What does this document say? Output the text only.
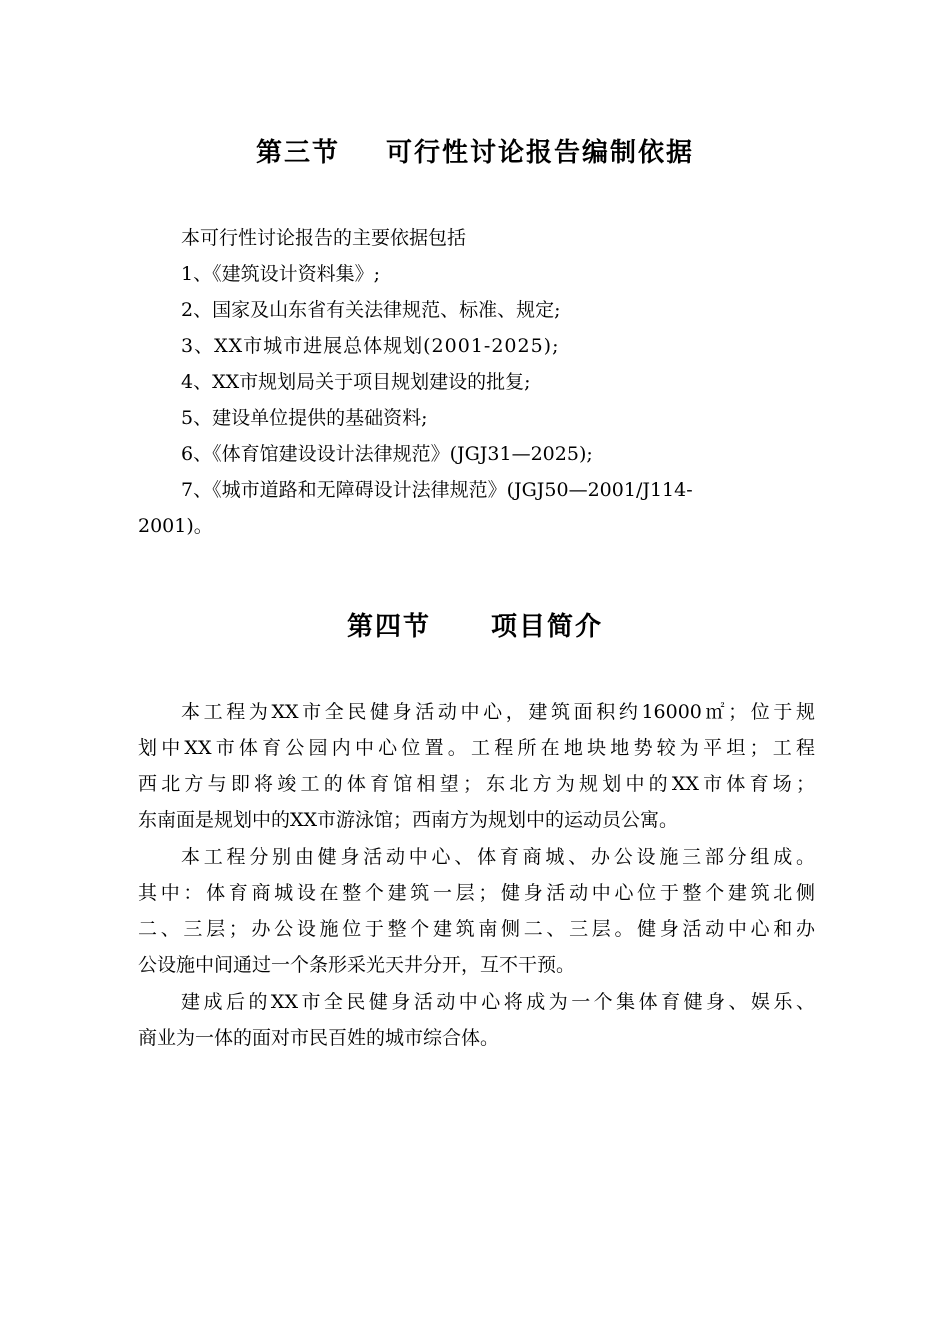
第三节 可行性讨论报告编制依据
本可行性讨论报告的主要依据包括
1、《建筑设计资料集》;
2、国家及山东省有关法律规范、标准、规定;
3、XX市城市进展总体规划(2001-2025);
4、XX市规划局关于项目规划建设的批复;
5、建设单位提供的基础资料;
6、《体育馆建设设计法律规范》(JGJ31—2025);
7、《城市道路和无障碍设计法律规范》(JGJ50—2001/J114-
2001)。
第四节 项目简介
本工程为XX市全民健身活动中心，建筑面积约16000㎡；位于规
划中XX市体育公园内中心位置。工程所在地块地势较为平坦；工程
西北方与即将竣工的体育馆相望；东北方为规划中的XX市体育场；
东南面是规划中的XX市游泳馆；西南方为规划中的运动员公寓。
本工程分别由健身活动中心、体育商城、办公设施三部分组成。
其中：体育商城设在整个建筑一层；健身活动中心位于整个建筑北侧
二、三层；办公设施位于整个建筑南侧二、三层。健身活动中心和办
公设施中间通过一个条形采光天井分开，互不干预。
建成后的XX市全民健身活动中心将成为一个集体育健身、娱乐、
商业为一体的面对市民百姓的城市综合体。
